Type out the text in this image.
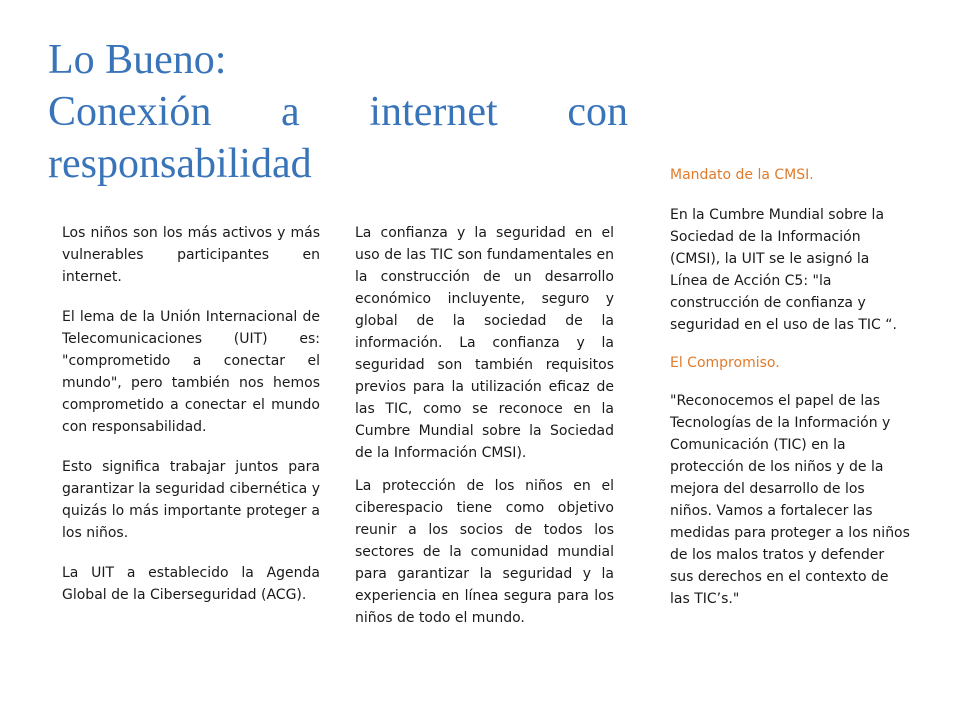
Lo Bueno:
Conexión a internet con
responsabilidad

Los niños son los más activos y más vulnerables participantes en internet.

El lema de la Unión Internacional de Telecomunicaciones (UIT) es: "comprometido a conectar el mundo", pero también nos hemos comprometido a conectar el mundo con responsabilidad.

Esto significa trabajar juntos para garantizar la seguridad cibernética y quizás lo más importante proteger a los niños.

La UIT a establecido la Agenda Global de la Ciberseguridad (ACG).

La confianza y la seguridad en el uso de las TIC son fundamentales en la construcción de un desarrollo económico incluyente, seguro y global de la sociedad de la información. La confianza y la seguridad son también requisitos previos para la utilización eficaz de las TIC, como se reconoce en la Cumbre Mundial sobre la Sociedad de la Información CMSI).

La protección de los niños en el ciberespacio tiene como objetivo reunir a los socios de todos los sectores de la comunidad mundial para garantizar la seguridad y la experiencia en línea segura para los niños de todo el mundo.

Mandato de la CMSI.

En la Cumbre Mundial sobre la Sociedad de la Información (CMSI), la UIT se le asignó la Línea de Acción C5: "la construcción de confianza y seguridad en el uso de las TIC “.

El Compromiso.

"Reconocemos el papel de las Tecnologías de la Información y Comunicación (TIC) en la protección de los niños y de la mejora del desarrollo de los niños. Vamos a fortalecer las medidas para proteger a los niños de los malos tratos y defender sus derechos en el contexto de las TIC’s."
